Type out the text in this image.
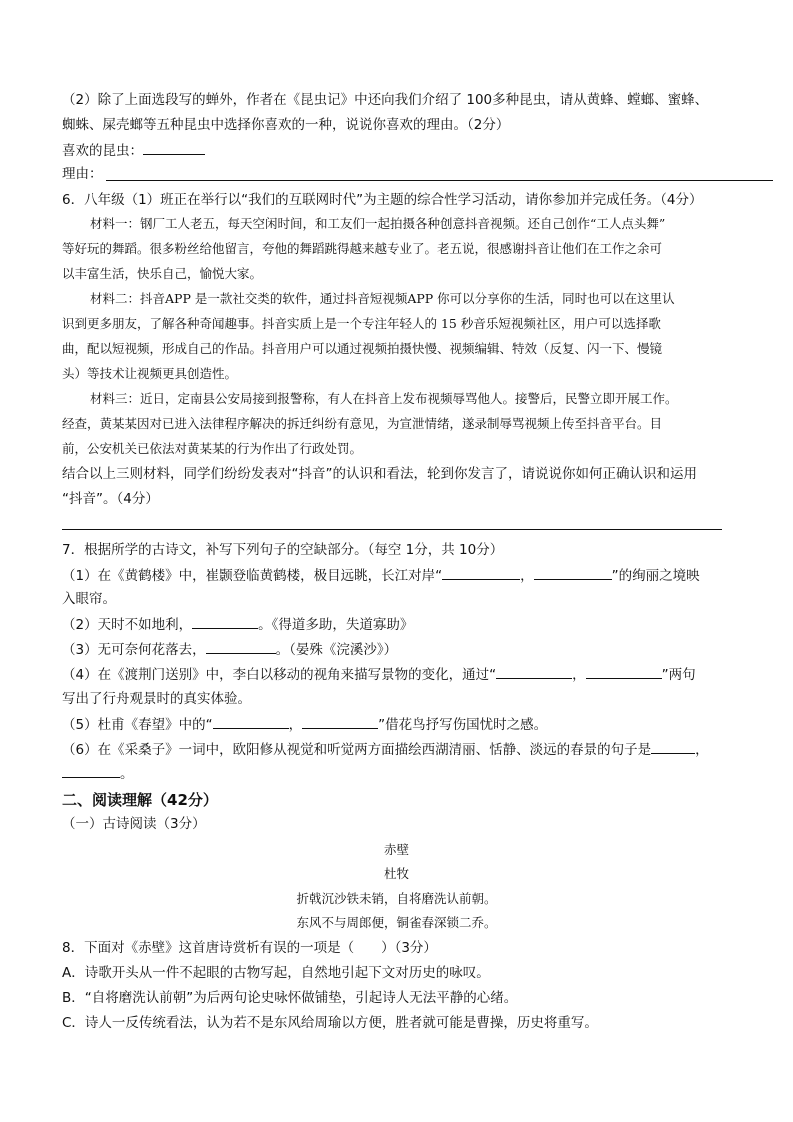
（2）除了上面选段写的蝉外，作者在《昆虫记》中还向我们介绍了 100多种昆虫，请从黄蜂、螳螂、蜜蜂、
蜘蛛、屎壳螂等五种昆虫中选择你喜欢的一种，说说你喜欢的理由。（2分）
喜欢的昆虫：
理由：
6．八年级（1）班正在举行以“我们的互联网时代”为主题的综合性学习活动，请你参加并完成任务。（4分）
材料一：钢厂工人老五，每天空闲时间，和工友们一起拍摄各种创意抖音视频。还自己创作“工人点头舞”
等好玩的舞蹈。很多粉丝给他留言，夸他的舞蹈跳得越来越专业了。老五说，很感谢抖音让他们在工作之余可
以丰富生活，快乐自己，愉悦大家。
材料二：抖音APP 是一款社交类的软件，通过抖音短视频APP 你可以分享你的生活，同时也可以在这里认
识到更多朋友，了解各种奇闻趣事。抖音实质上是一个专注年轻人的 15 秒音乐短视频社区，用户可以选择歌
曲，配以短视频，形成自己的作品。抖音用户可以通过视频拍摄快慢、视频编辑、特效（反复、闪一下、慢镜
头）等技术让视频更具创造性。
材料三：近日，定南县公安局接到报警称，有人在抖音上发布视频辱骂他人。接警后，民警立即开展工作。
经查，黄某某因对已进入法律程序解决的拆迁纠纷有意见，为宣泄情绪，遂录制辱骂视频上传至抖音平台。目
前，公安机关已依法对黄某某的行为作出了行政处罚。
结合以上三则材料，同学们纷纷发表对“抖音”的认识和看法，轮到你发言了，请说说你如何正确认识和运用
“抖音”。（4分）
7．根据所学的古诗文，补写下列句子的空缺部分。（每空 1分，共 10分）
（1）在《黄鹤楼》中，崔颢登临黄鹤楼，极目远眺，长江对岸“	，	”的绚丽之境映
入眼帘。
（2）天时不如地利，	。《得道多助，失道寡助》
（3）无可奈何花落去，	。（晏殊《浣溪沙》）
（4）在《渡荆门送别》中，李白以移动的视角来描写景物的变化，通过“	，	”两句
写出了行舟观景时的真实体验。
（5）杜甫《春望》中的“	，	”借花鸟抒写伤国忧时之感。
（6）在《采桑子》一词中，欧阳修从视觉和听觉两方面描绘西湖清丽、恬静、淡远的春景的句子是	，
。
二、阅读理解（42分）
（一）古诗阅读（3分）
赤壁
杜牧
折戟沉沙铁未销，自将磨洗认前朝。
东风不与周郎便，铜雀春深锁二乔。
8．下面对《赤壁》这首唐诗赏析有误的一项是（　　）（3分）
A．诗歌开头从一件不起眼的古物写起，自然地引起下文对历史的咏叹。
B．“自将磨洗认前朝”为后两句论史咏怀做铺垫，引起诗人无法平静的心绪。
C．诗人一反传统看法，认为若不是东风给周瑜以方便，胜者就可能是曹操，历史将重写。
